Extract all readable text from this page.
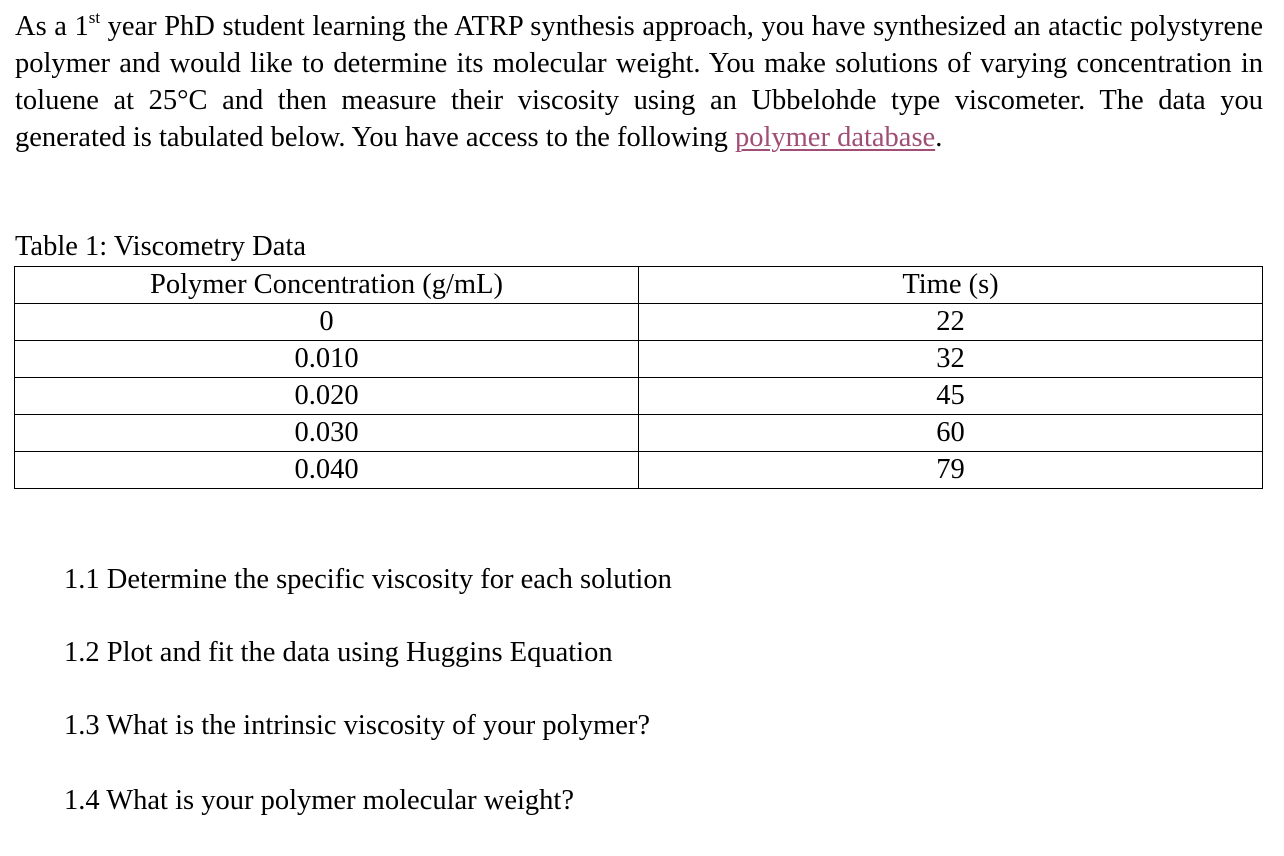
As a 1st year PhD student learning the ATRP synthesis approach, you have synthesized an atactic polystyrene polymer and would like to determine its molecular weight. You make solutions of varying concentration in toluene at 25°C and then measure their viscosity using an Ubbelohde type viscometer. The data you generated is tabulated below. You have access to the following polymer database.
Table 1: Viscometry Data
Polymer Concentration (g/mL)	Time (s)
0	22
0.010	32
0.020	45
0.030	60
0.040	79
1.1 Determine the specific viscosity for each solution
1.2 Plot and fit the data using Huggins Equation
1.3 What is the intrinsic viscosity of your polymer?
1.4 What is your polymer molecular weight?
